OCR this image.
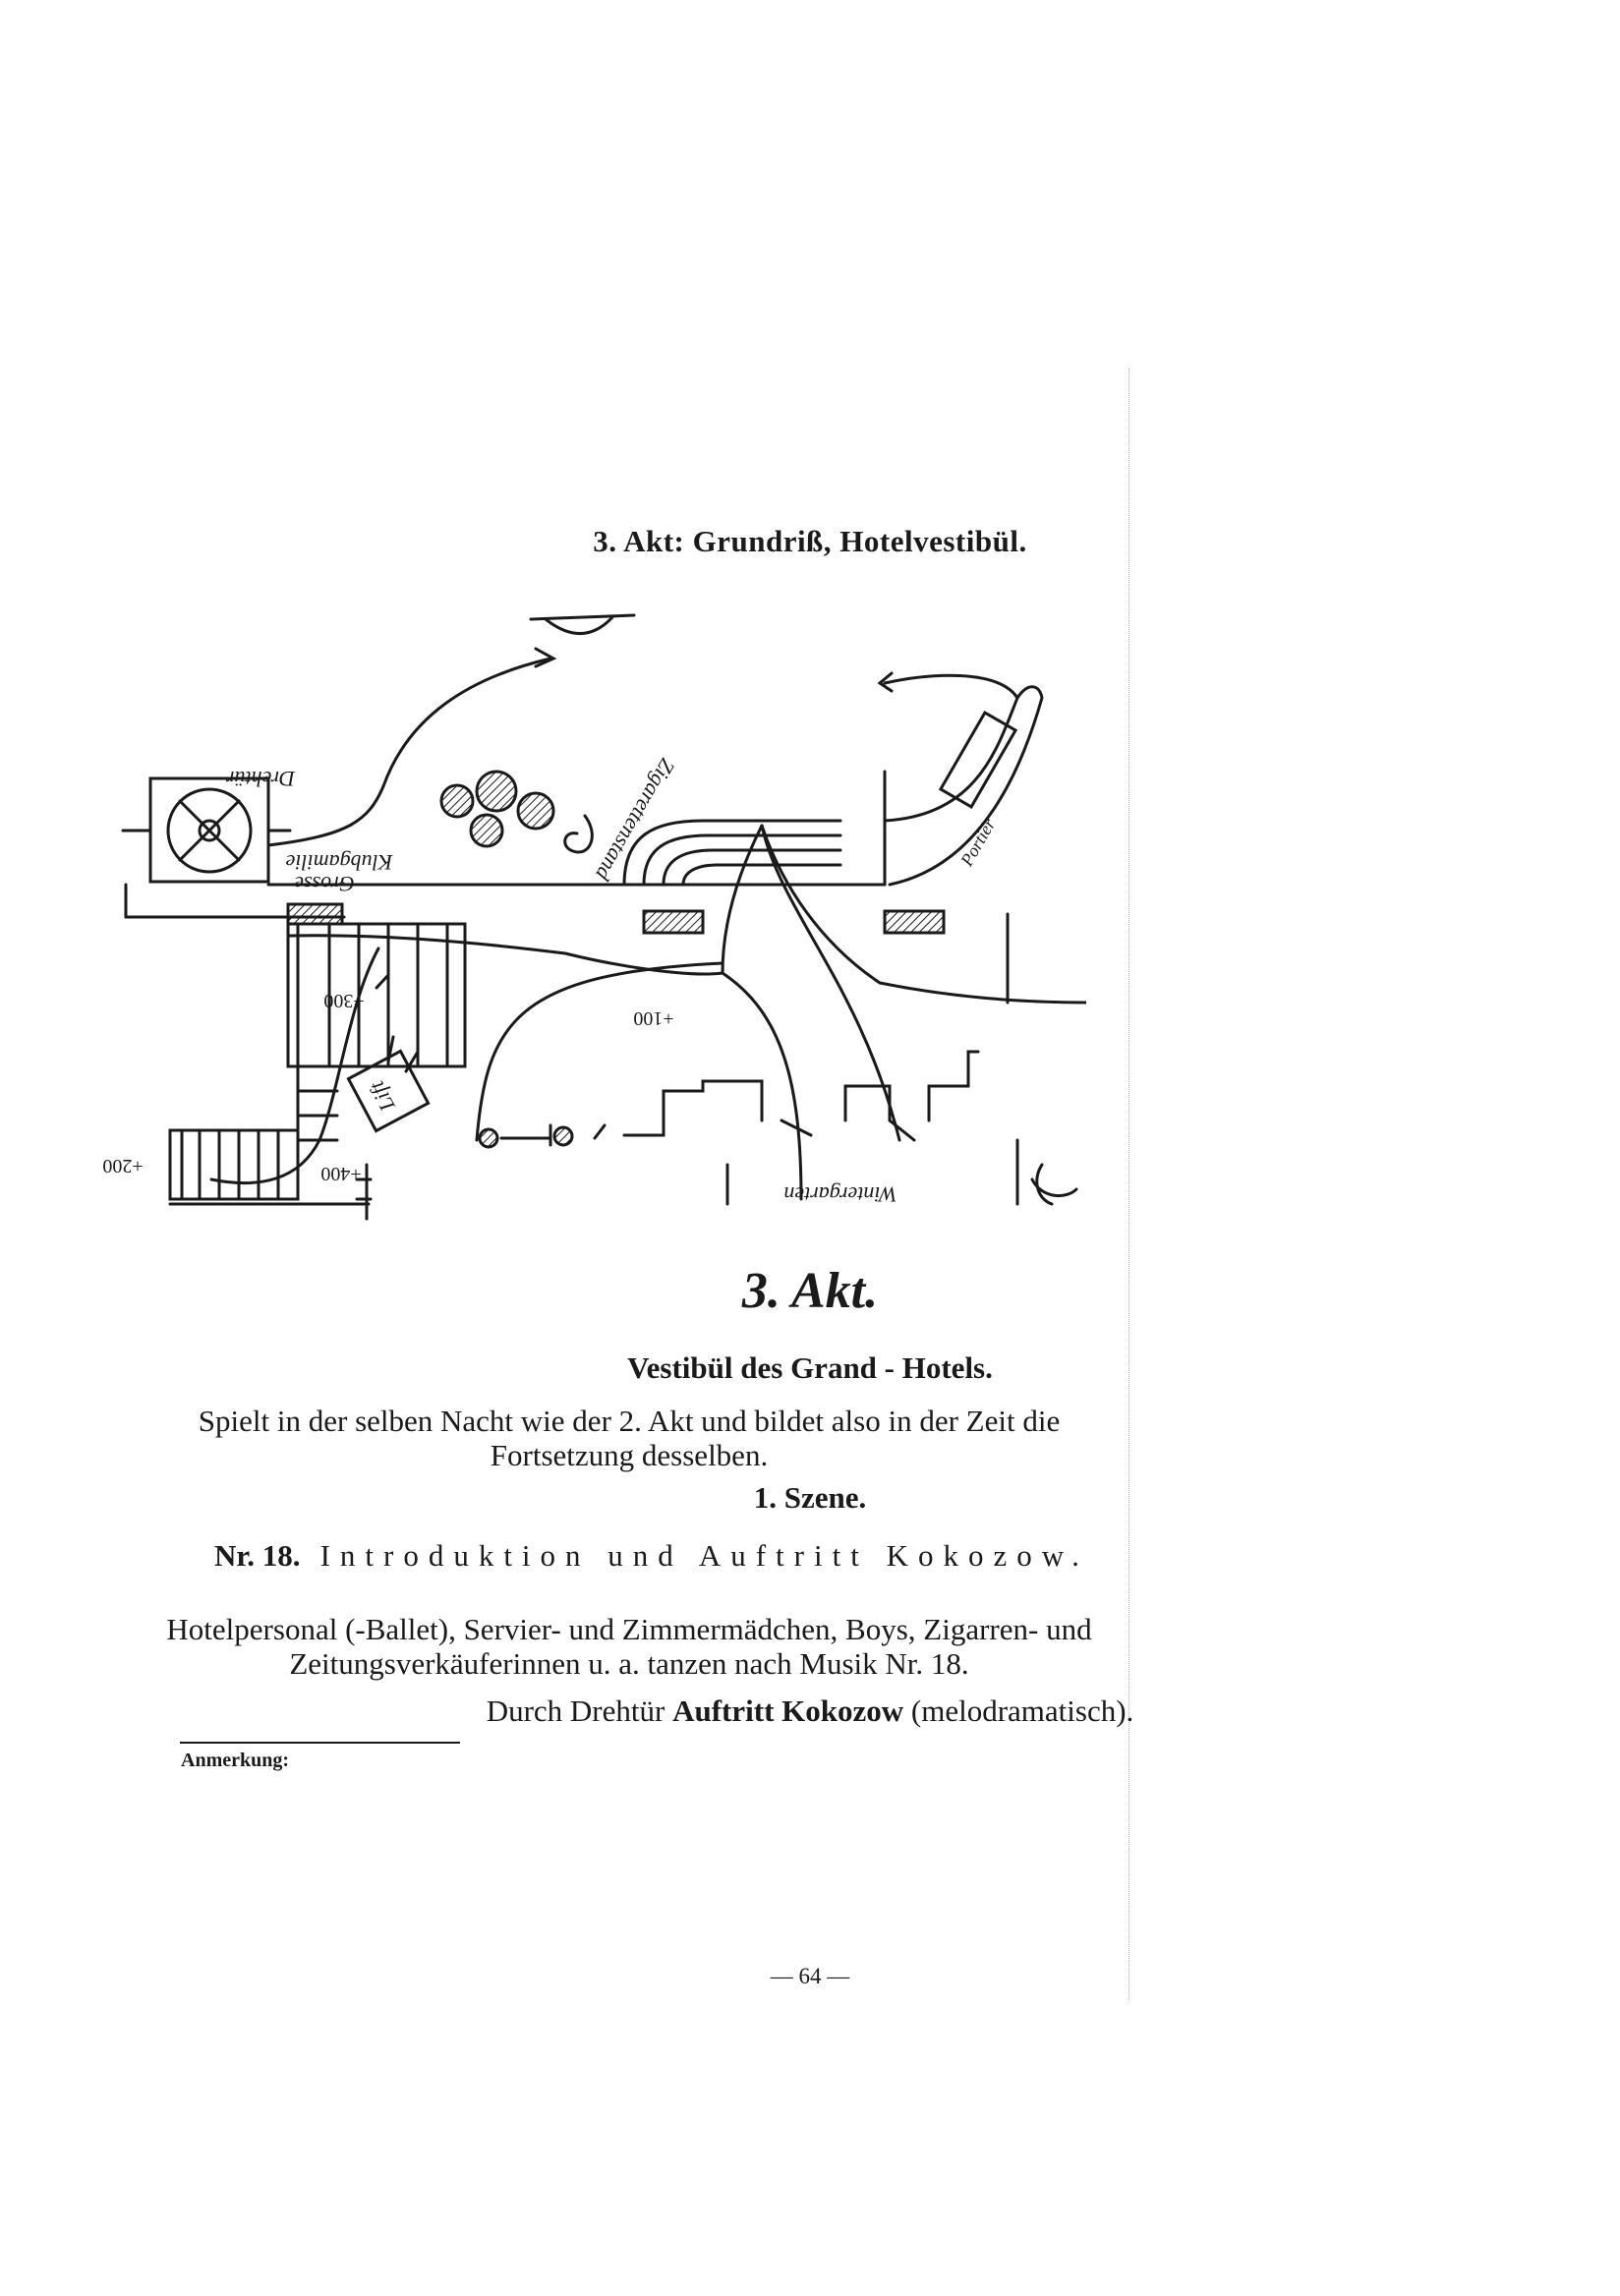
3. Akt: Grundriß, Hotelvestibül.
Drehtür
Klubgamilie
Grosse	Zigarettenstand	Portier
Lift
Wintergarten
+100
+200
+300
+400
3. Akt.
Vestibül des Grand - Hotels.
Spielt in der selben Nacht wie der 2. Akt und bildet also in der Zeit die Fortsetzung desselben.
1. Szene.
Nr. 18. Introduktion und Auftritt Kokozow.
Hotelpersonal (-Ballet), Servier- und Zimmermädchen, Boys, Zigarren- und Zeitungsverkäuferinnen u. a. tanzen nach Musik Nr. 18.
Durch Drehtür Auftritt Kokozow (melodramatisch).
Anmerkung:
— 64 —
